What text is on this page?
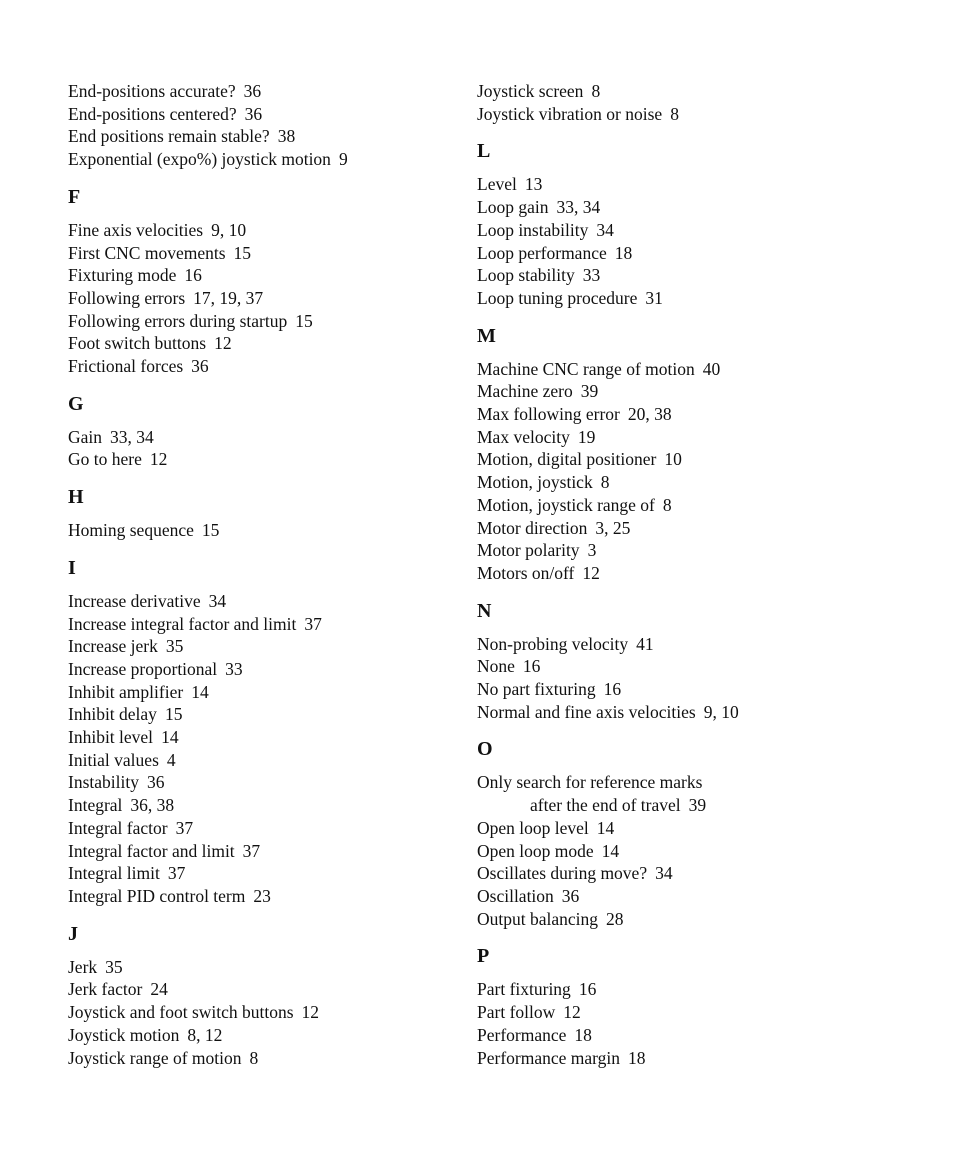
End-positions accurate? 36
End-positions centered? 36
End positions remain stable? 38
Exponential (expo%) joystick motion 9
F
Fine axis velocities 9, 10
First CNC movements 15
Fixturing mode 16
Following errors 17, 19, 37
Following errors during startup 15
Foot switch buttons 12
Frictional forces 36
G
Gain 33, 34
Go to here 12
H
Homing sequence 15
I
Increase derivative 34
Increase integral factor and limit 37
Increase jerk 35
Increase proportional 33
Inhibit amplifier 14
Inhibit delay 15
Inhibit level 14
Initial values 4
Instability 36
Integral 36, 38
Integral factor 37
Integral factor and limit 37
Integral limit 37
Integral PID control term 23
J
Jerk 35
Jerk factor 24
Joystick and foot switch buttons 12
Joystick motion 8, 12
Joystick range of motion 8
Joystick screen 8
Joystick vibration or noise 8
L
Level 13
Loop gain 33, 34
Loop instability 34
Loop performance 18
Loop stability 33
Loop tuning procedure 31
M
Machine CNC range of motion 40
Machine zero 39
Max following error 20, 38
Max velocity 19
Motion, digital positioner 10
Motion, joystick 8
Motion, joystick range of 8
Motor direction 3, 25
Motor polarity 3
Motors on/off 12
N
Non-probing velocity 41
None 16
No part fixturing 16
Normal and fine axis velocities 9, 10
O
Only search for reference marks
after the end of travel 39
Open loop level 14
Open loop mode 14
Oscillates during move? 34
Oscillation 36
Output balancing 28
P
Part fixturing 16
Part follow 12
Performance 18
Performance margin 18
